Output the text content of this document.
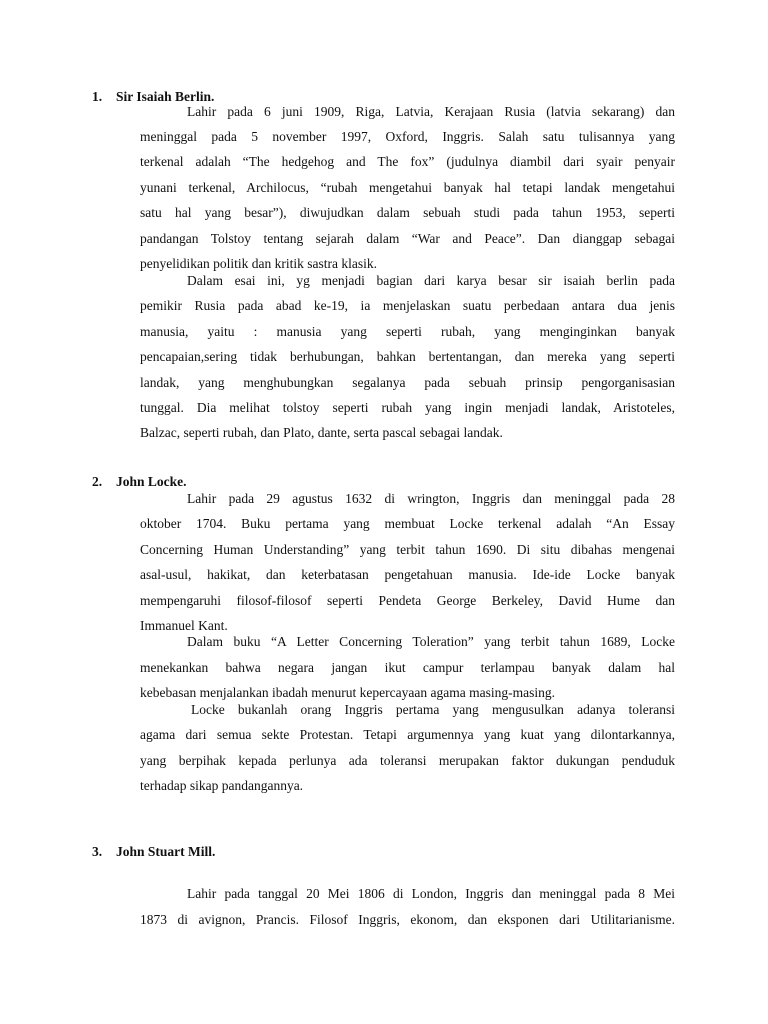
1. Sir Isaiah Berlin.
Lahir pada 6 juni 1909, Riga, Latvia, Kerajaan Rusia (latvia sekarang) dan
meninggal pada 5 november 1997, Oxford, Inggris. Salah satu tulisannya yang
terkenal adalah “The hedgehog and The fox” (judulnya diambil dari syair penyair
yunani terkenal, Archilocus, “rubah mengetahui banyak hal tetapi landak mengetahui
satu hal yang besar”), diwujudkan dalam sebuah studi pada tahun 1953, seperti
pandangan Tolstoy tentang sejarah dalam “War and Peace”. Dan dianggap sebagai
penyelidikan politik dan kritik sastra klasik.
Dalam esai ini, yg menjadi bagian dari karya besar sir isaiah berlin pada
pemikir Rusia pada abad ke-19, ia menjelaskan suatu perbedaan antara dua jenis
manusia, yaitu : manusia yang seperti rubah, yang menginginkan banyak
pencapaian,sering tidak berhubungan, bahkan bertentangan, dan mereka yang seperti
landak, yang menghubungkan segalanya pada sebuah prinsip pengorganisasian
tunggal. Dia melihat tolstoy seperti rubah yang ingin menjadi landak, Aristoteles,
Balzac, seperti rubah, dan Plato, dante, serta pascal sebagai landak.
2. John Locke.
Lahir pada 29 agustus 1632 di wrington, Inggris dan meninggal pada 28
oktober 1704. Buku pertama yang membuat Locke terkenal adalah “An Essay
Concerning Human Understanding” yang terbit tahun 1690. Di situ dibahas mengenai
asal-usul, hakikat, dan keterbatasan pengetahuan manusia. Ide-ide Locke banyak
mempengaruhi filosof-filosof seperti Pendeta George Berkeley, David Hume dan
Immanuel Kant.
Dalam buku “A Letter Concerning Toleration” yang terbit tahun 1689, Locke
menekankan bahwa negara jangan ikut campur terlampau banyak dalam hal
kebebasan menjalankan ibadah menurut kepercayaan agama masing-masing.
Locke bukanlah orang Inggris pertama yang mengusulkan adanya toleransi
agama dari semua sekte Protestan. Tetapi argumennya yang kuat yang dilontarkannya,
yang berpihak kepada perlunya ada toleransi merupakan faktor dukungan penduduk
terhadap sikap pandangannya.
3. John Stuart Mill.
Lahir pada tanggal 20 Mei 1806 di London, Inggris dan meninggal pada 8 Mei
1873 di avignon, Prancis. Filosof Inggris, ekonom, dan eksponen dari Utilitarianisme.
